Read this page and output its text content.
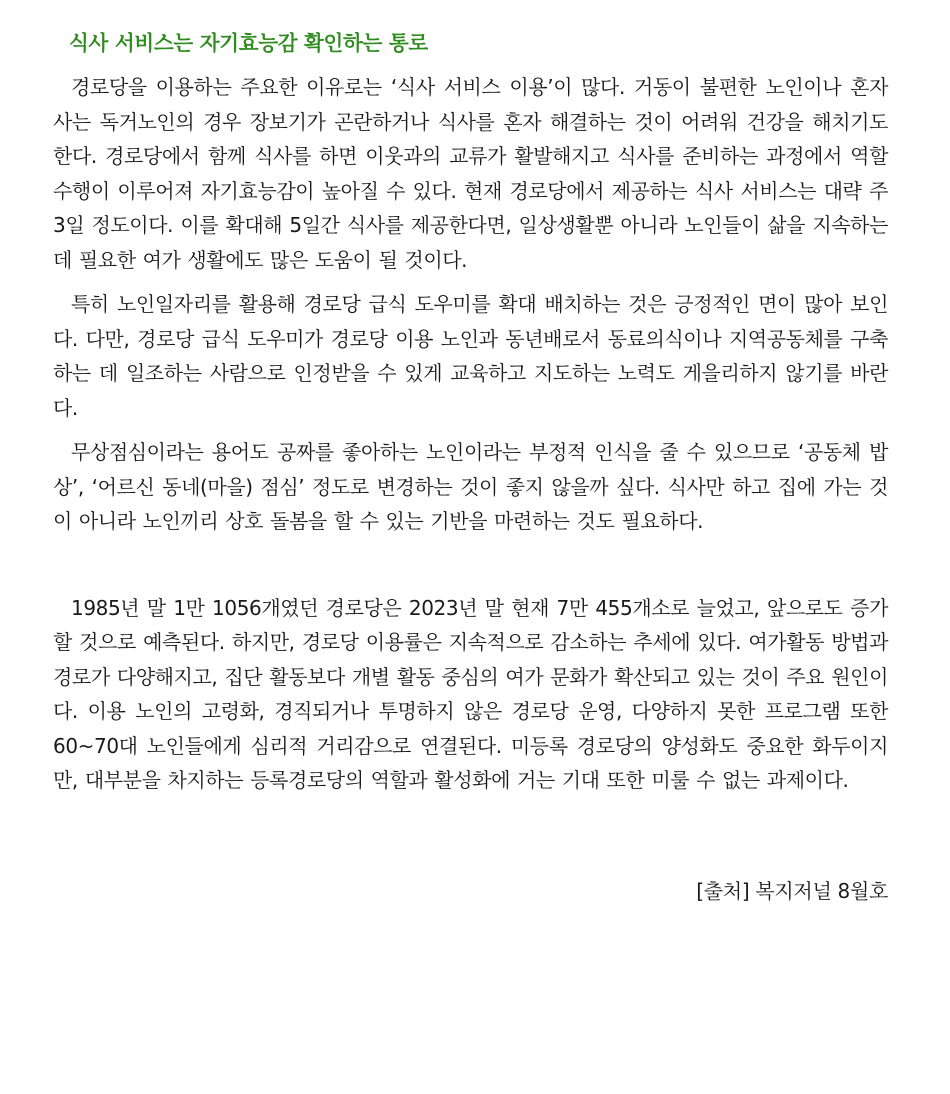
식사 서비스는 자기효능감 확인하는 통로

경로당을 이용하는 주요한 이유로는 ‘식사 서비스 이용’이 많다. 거동이 불편한 노인이나 혼자 사는 독거노인의 경우 장보기가 곤란하거나 식사를 혼자 해결하는 것이 어려워 건강을 해치기도 한다. 경로당에서 함께 식사를 하면 이웃과의 교류가 활발해지고 식사를 준비하는 과정에서 역할 수행이 이루어져 자기효능감이 높아질 수 있다. 현재 경로당에서 제공하는 식사 서비스는 대략 주 3일 정도이다. 이를 확대해 5일간 식사를 제공한다면, 일상생활뿐 아니라 노인들이 삶을 지속하는 데 필요한 여가 생활에도 많은 도움이 될 것이다.

특히 노인일자리를 활용해 경로당 급식 도우미를 확대 배치하는 것은 긍정적인 면이 많아 보인다. 다만, 경로당 급식 도우미가 경로당 이용 노인과 동년배로서 동료의식이나 지역공동체를 구축하는 데 일조하는 사람으로 인정받을 수 있게 교육하고 지도하는 노력도 게을리하지 않기를 바란다.

무상점심이라는 용어도 공짜를 좋아하는 노인이라는 부정적 인식을 줄 수 있으므로 ‘공동체 밥상’, ‘어르신 동네(마을) 점심’ 정도로 변경하는 것이 좋지 않을까 싶다. 식사만 하고 집에 가는 것이 아니라 노인끼리 상호 돌봄을 할 수 있는 기반을 마련하는 것도 필요하다.

1985년 말 1만 1056개였던 경로당은 2023년 말 현재 7만 455개소로 늘었고, 앞으로도 증가할 것으로 예측된다. 하지만, 경로당 이용률은 지속적으로 감소하는 추세에 있다. 여가활동 방법과 경로가 다양해지고, 집단 활동보다 개별 활동 중심의 여가 문화가 확산되고 있는 것이 주요 원인이다. 이용 노인의 고령화, 경직되거나 투명하지 않은 경로당 운영, 다양하지 못한 프로그램 또한 60~70대 노인들에게 심리적 거리감으로 연결된다. 미등록 경로당의 양성화도 중요한 화두이지만, 대부분을 차지하는 등록경로당의 역할과 활성화에 거는 기대 또한 미룰 수 없는 과제이다.

[출처] 복지저널 8월호
